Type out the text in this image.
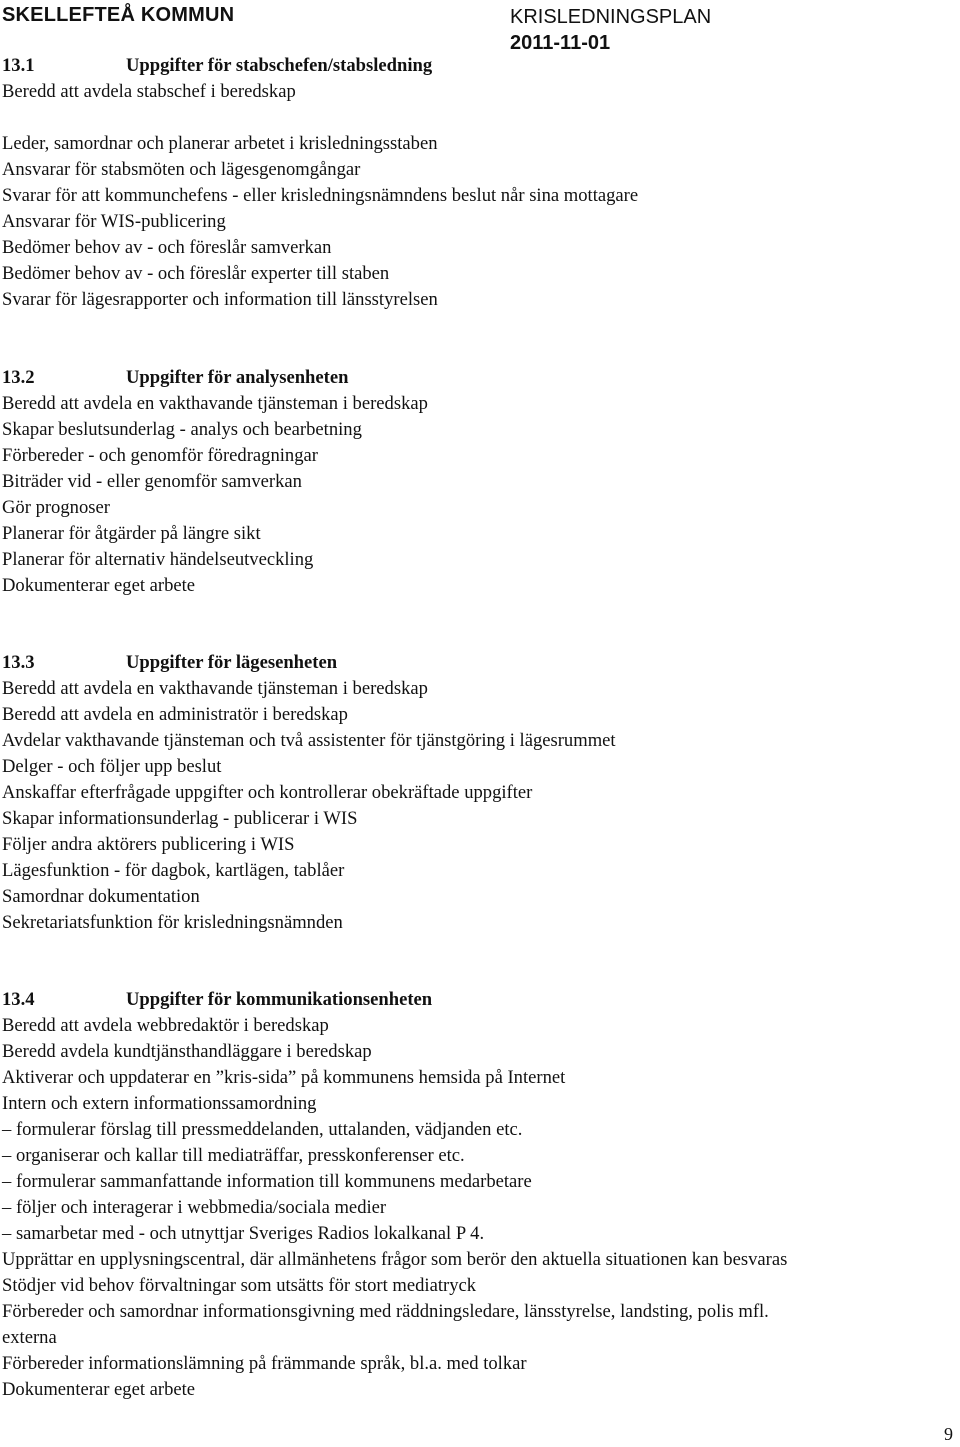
SKELLEFTEÅ KOMMUN	KRISLEDNINGSPLAN
2011-11-01
13.1	Uppgifter för stabschefen/stabsledning
Beredd att avdela stabschef i beredskap

Leder, samordnar och planerar arbetet i krisledningsstaben
Ansvarar för stabsmöten och lägesgenomgångar
Svarar för att kommunchefens - eller krisledningsnämndens beslut når sina mottagare
Ansvarar för WIS-publicering
Bedömer behov av - och föreslår samverkan
Bedömer behov av - och föreslår experter till staben
Svarar för lägesrapporter och information till länsstyrelsen
13.2	Uppgifter för analysenheten
Beredd att avdela en vakthavande tjänsteman i beredskap
Skapar beslutsunderlag - analys och bearbetning
Förbereder - och genomför föredragningar
Biträder vid - eller genomför samverkan
Gör prognoser
Planerar för åtgärder på längre sikt
Planerar för alternativ händelseutveckling
Dokumenterar eget arbete
13.3	Uppgifter för lägesenheten
Beredd att avdela en vakthavande tjänsteman i beredskap
Beredd att avdela en administratör i beredskap
Avdelar vakthavande tjänsteman och två assistenter för tjänstgöring i lägesrummet
Delger - och följer upp beslut
Anskaffar efterfrågade uppgifter och kontrollerar obekräftade uppgifter
Skapar informationsunderlag - publicerar i WIS
Följer andra aktörers publicering i WIS
Lägesfunktion - för dagbok, kartlägen, tablåer
Samordnar dokumentation
Sekretariatsfunktion för krisledningsnämnden
13.4	Uppgifter för kommunikationsenheten
Beredd att avdela webbredaktör i beredskap
Beredd avdela kundtjänsthandläggare i beredskap
Aktiverar och uppdaterar en ”kris-sida” på kommunens hemsida på Internet
Intern och extern informationssamordning
– formulerar förslag till pressmeddelanden, uttalanden, vädjanden etc.
– organiserar och kallar till mediaträffar, presskonferenser etc.
– formulerar sammanfattande information till kommunens medarbetare
– följer och interagerar i webbmedia/sociala medier
– samarbetar med - och utnyttjar Sveriges Radios lokalkanal P 4.
Upprättar en upplysningscentral, där allmänhetens frågor som berör den aktuella situationen kan besvaras
Stödjer vid behov förvaltningar som utsätts för stort mediatryck
Förbereder och samordnar informationsgivning med räddningsledare, länsstyrelse, landsting, polis mfl.
externa
Förbereder informationslämning på främmande språk, bl.a. med tolkar
Dokumenterar eget arbete
9
